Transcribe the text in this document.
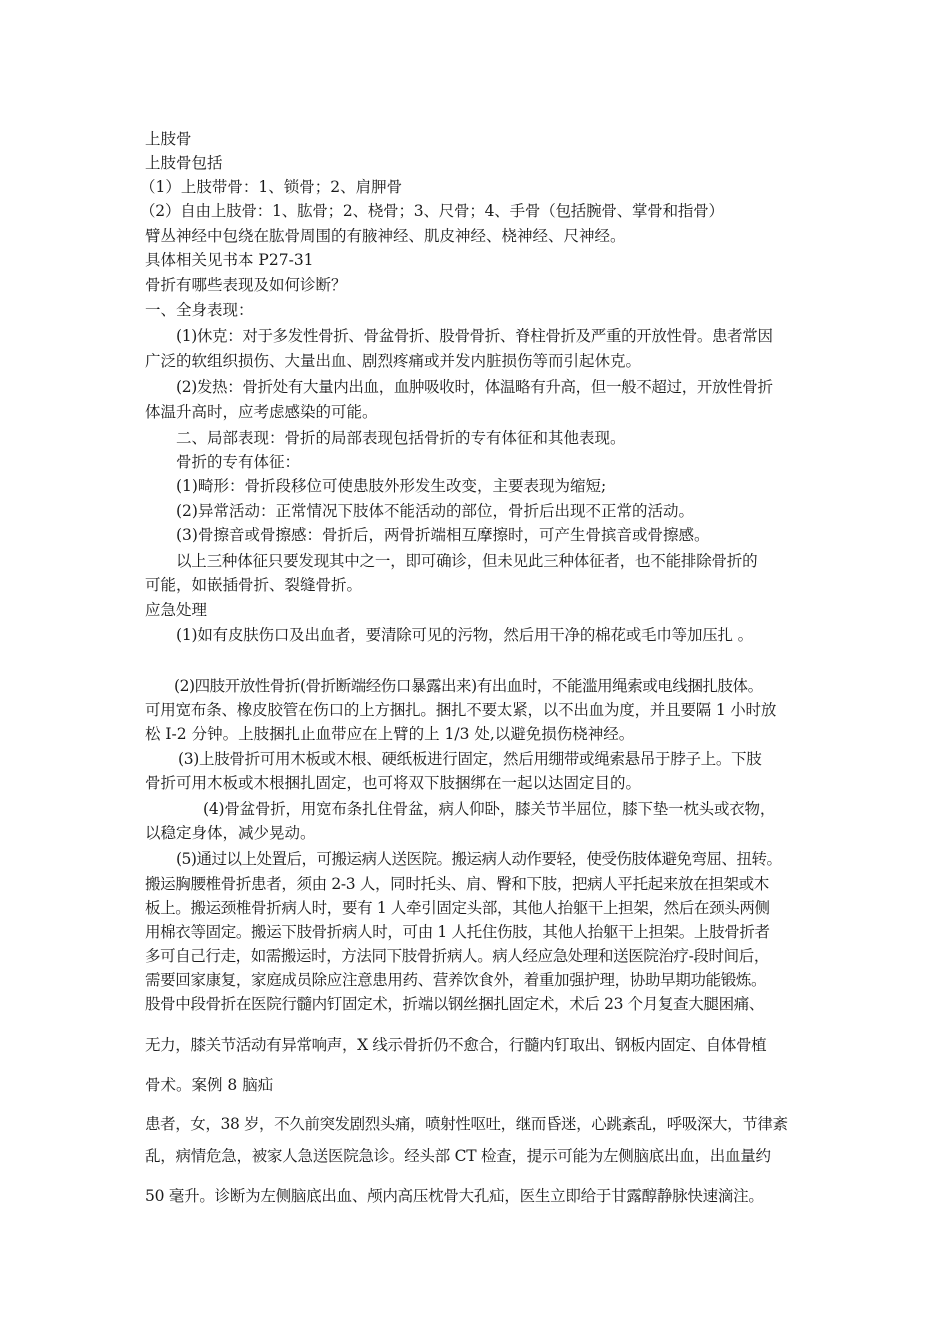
上肢骨
上肢骨包括
（1）上肢带骨：1、锁骨；2、肩胛骨
（2）自由上肢骨：1、肱骨；2、桡骨；3、尺骨；4、手骨（包括腕骨、掌骨和指骨）
臂丛神经中包绕在肱骨周围的有腋神经、肌皮神经、桡神经、尺神经。
具体相关见书本 P27-31
骨折有哪些表现及如何诊断？
一、全身表现：
(1)休克：对于多发性骨折、骨盆骨折、股骨骨折、脊柱骨折及严重的开放性骨。患者常因
广泛的软组织损伤、大量出血、剧烈疼痛或并发内脏损伤等而引起休克。
(2)发热：骨折处有大量内出血，血肿吸收时，体温略有升高，但一般不超过，开放性骨折
体温升高时，应考虑感染的可能。
二、局部表现：骨折的局部表现包括骨折的专有体征和其他表现。
骨折的专有体征：
(1)畸形：骨折段移位可使患肢外形发生改变，主要表现为缩短;
(2)异常活动：正常情况下肢体不能活动的部位，骨折后出现不正常的活动。
(3)骨擦音或骨擦感：骨折后，两骨折端相互摩擦时，可产生骨摈音或骨擦感。
以上三种体征只要发现其中之一，即可确诊，但未见此三种体征者，也不能排除骨折的
可能，如嵌插骨折、裂缝骨折。
应急处理
(1)如有皮肤伤口及出血者，要清除可见的污物，然后用干净的棉花或毛巾等加压扎 。
(2)四肢开放性骨折(骨折断端经伤口暴露出来)有出血时，不能滥用绳索或电线捆扎肢体。
可用宽布条、橡皮胶管在伤口的上方捆扎。捆扎不要太紧，以不出血为度，并且要隔 1 小时放
松 I-2 分钟。上肢捆扎止血带应在上臂的上 1/3 处,以避免损伤桡神经。
(3)上肢骨折可用木板或木根、硬纸板进行固定，然后用绷带或绳索悬吊于脖子上。下肢
骨折可用木板或木根捆扎固定，也可将双下肢捆绑在一起以达固定目的。
(4)骨盆骨折，用宽布条扎住骨盆，病人仰卧，膝关节半屈位，膝下垫一枕头或衣物，
以稳定身体，减少晃动。
(5)通过以上处置后，可搬运病人送医院。搬运病人动作要轻，使受伤肢体避免弯屈、扭转。
搬运胸腰椎骨折患者，须由 2-3 人，同时托头、肩、臀和下肢，把病人平托起来放在担架或木
板上。搬运颈椎骨折病人时，要有 1 人牵引固定头部，其他人抬躯干上担架，然后在颈头两侧
用棉衣等固定。搬运下肢骨折病人时，可由 1 人托住伤肢，其他人抬躯干上担架。上肢骨折者
多可自己行走，如需搬运时，方法同下肢骨折病人。病人经应急处理和送医院治疗-段时间后，
需要回家康复，家庭成员除应注意患用药、营养饮食外，着重加强护理，协助早期功能锻炼。
股骨中段骨折在医院行髓内钉固定术，折端以钢丝捆扎固定术，术后 23 个月复查大腿困痛、
无力，膝关节活动有异常响声，X 线示骨折仍不愈合，行髓内钉取出、钢板内固定、自体骨植
骨术。案例 8 脑疝
患者，女，38 岁，不久前突发剧烈头痛，喷射性呕吐，继而昏迷，心跳紊乱，呼吸深大，节律紊
乱，病情危急，被家人急送医院急诊。经头部 CT 检查，提示可能为左侧脑底出血，出血量约
50 毫升。诊断为左侧脑底出血、颅内高压枕骨大孔疝，医生立即给于甘露醇静脉快速滴注。
